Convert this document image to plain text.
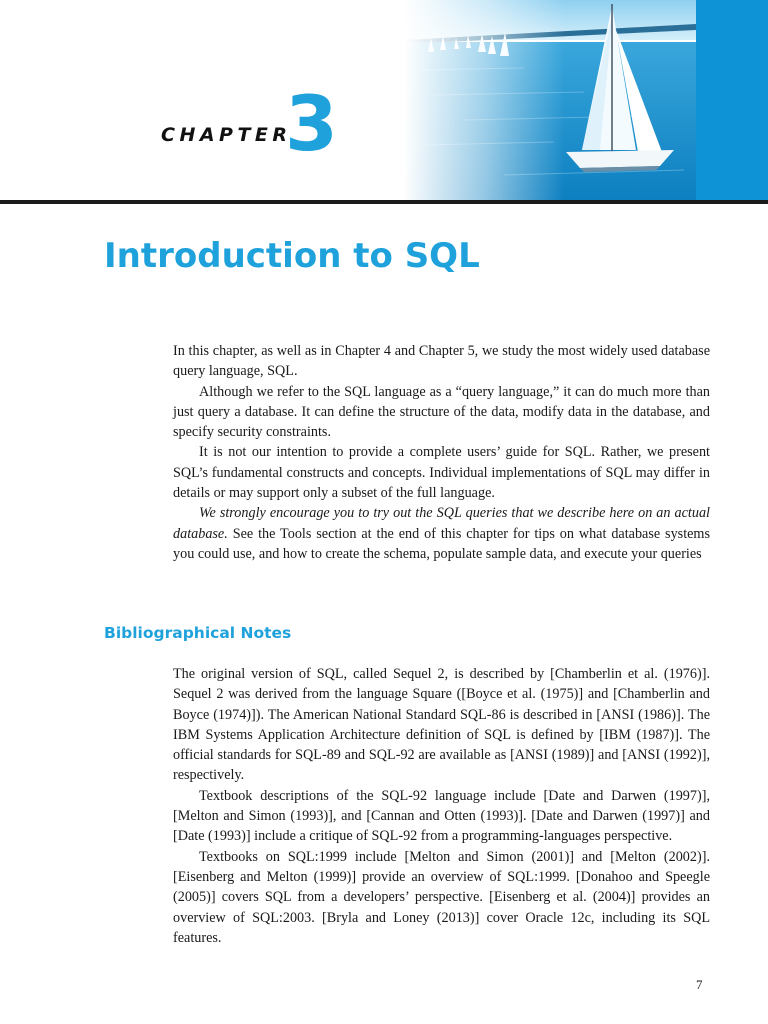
CHAPTER
3
Introduction to SQL

In this chapter, as well as in Chapter 4 and Chapter 5, we study the most widely used database query language, SQL.

Although we refer to the SQL language as a “query language,” it can do much more than just query a database. It can define the structure of the data, modify data in the database, and specify security constraints.

It is not our intention to provide a complete users’ guide for SQL. Rather, we present SQL’s fundamental constructs and concepts. Individual implementations of SQL may differ in details or may support only a subset of the full language.

We strongly encourage you to try out the SQL queries that we describe here on an actual database. See the Tools section at the end of this chapter for tips on what database systems you could use, and how to create the schema, populate sample data, and execute your queries

Bibliographical Notes

The original version of SQL, called Sequel 2, is described by [Chamberlin et al. (1976)]. Sequel 2 was derived from the language Square ([Boyce et al. (1975)] and [Chamberlin and Boyce (1974)]). The American National Standard SQL-86 is described in [ANSI (1986)]. The IBM Systems Application Architecture definition of SQL is defined by [IBM (1987)]. The official standards for SQL-89 and SQL-92 are available as [ANSI (1989)] and [ANSI (1992)], respectively.

Textbook descriptions of the SQL-92 language include [Date and Darwen (1997)], [Melton and Simon (1993)], and [Cannan and Otten (1993)]. [Date and Darwen (1997)] and [Date (1993)] include a critique of SQL-92 from a programming-languages perspective.

Textbooks on SQL:1999 include [Melton and Simon (2001)] and [Melton (2002)]. [Eisenberg and Melton (1999)] provide an overview of SQL:1999. [Donahoo and Speegle (2005)] covers SQL from a developers’ perspective. [Eisenberg et al. (2004)] provides an overview of SQL:2003. [Bryla and Loney (2013)] cover Oracle 12c, including its SQL features.

7
